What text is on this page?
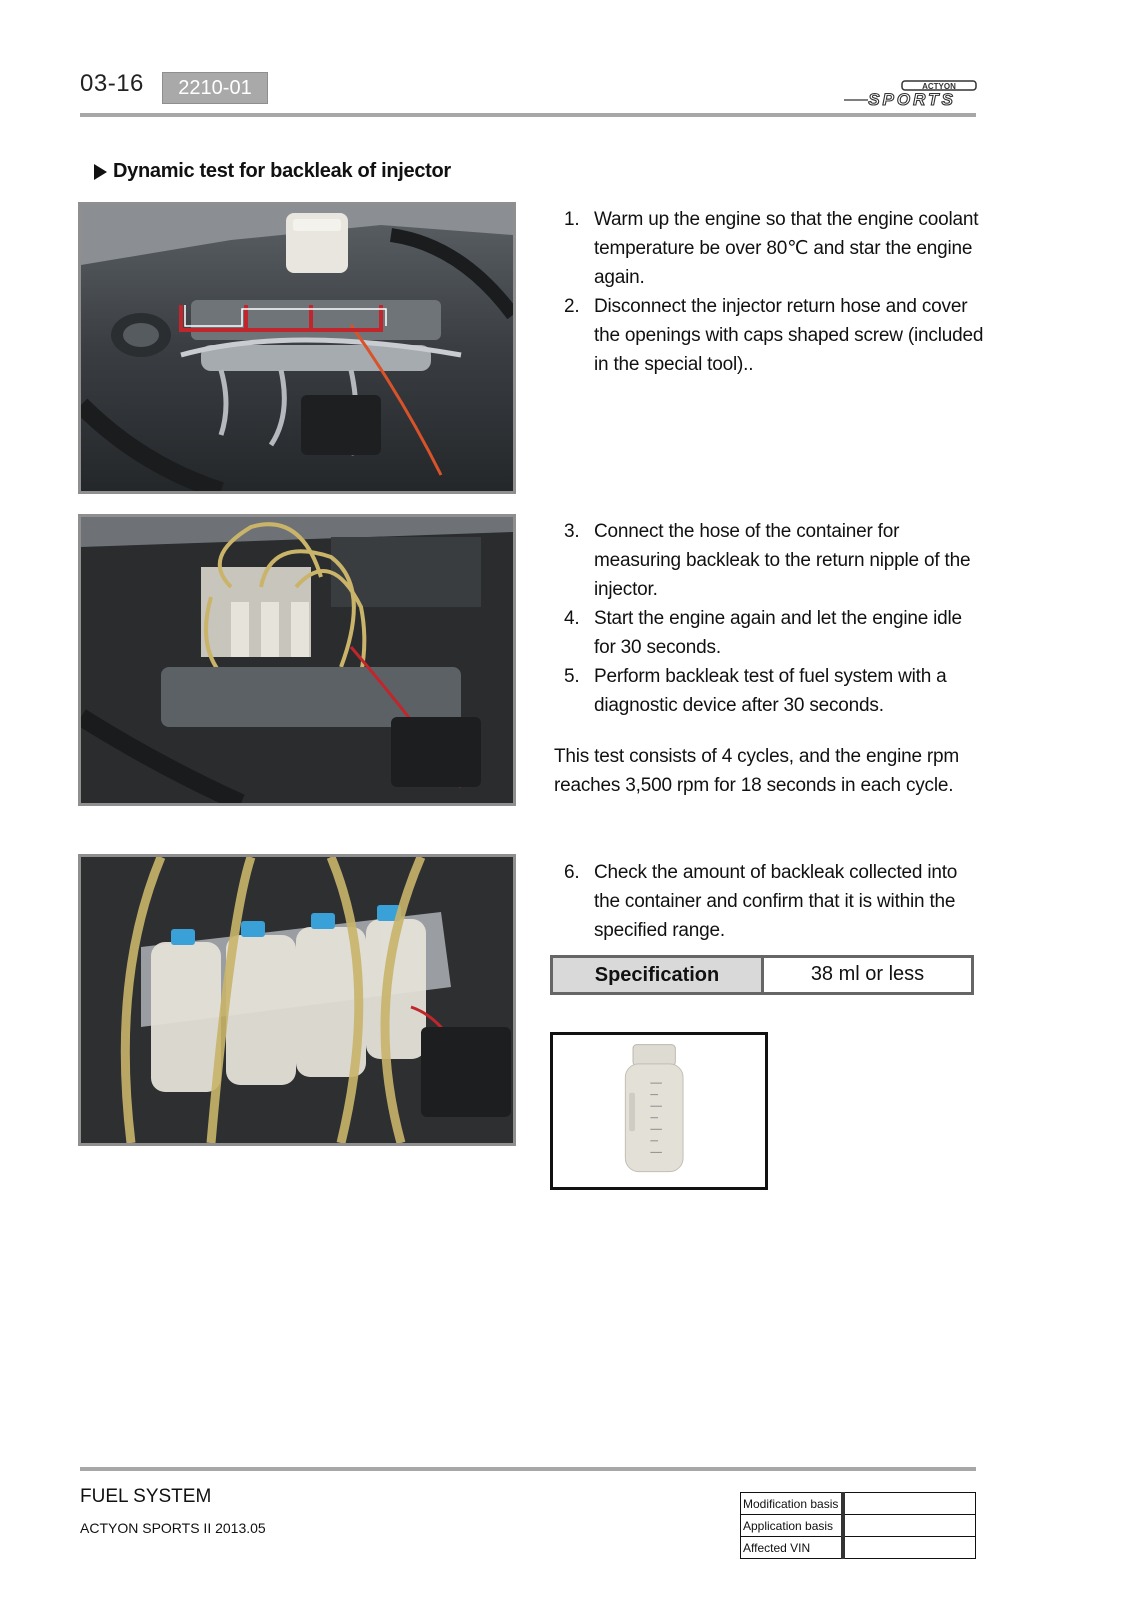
03-16	2210-01	ACTYON
SPORTS
Dynamic test for backleak of injector

1. Warm up the engine so that the engine coolant temperature be over 80℃ and star the engine again.

2. Disconnect the injector return hose and cover the openings with caps shaped screw (included in the special tool)..

3. Connect the hose of the container for measuring backleak to the return nipple of the injector.

4. Start the engine again and let the engine idle for 30 seconds.

5. Perform backleak test of fuel system with a diagnostic device after 30 seconds.

This test consists of 4 cycles, and the engine rpm reaches 3,500 rpm for 18 seconds in each cycle.

6. Check the amount of backleak collected into the container and confirm that it is within the specified range.

Specification	38 ml or less
FUEL SYSTEM
ACTYON SPORTS II 2013.05
Modification basis	
Application basis	
Affected VIN	
